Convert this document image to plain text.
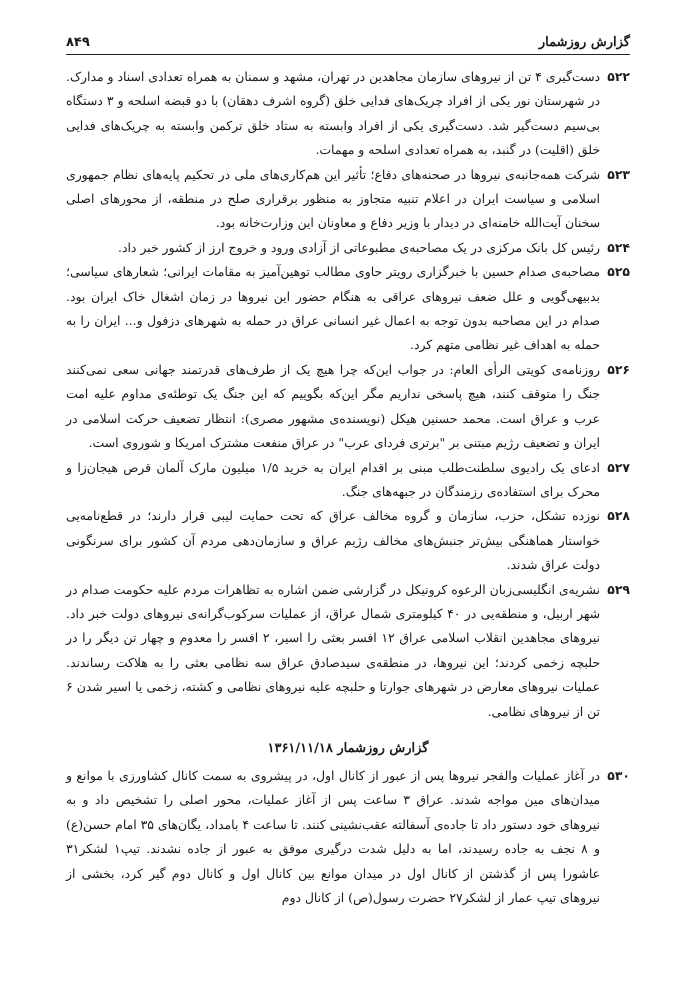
گزارش روزشمار
۸۴۹

۵۲۲
دست‌گیری ۴ تن از نیروهای سازمان مجاهدین در تهران، مشهد و سمنان به همراه تعدادی اسناد و مدارک. در شهرستان نور یکی از افراد چریک‌های فدایی خلق (گروه اشرف دهقان) با دو قبضه اسلحه و ۳ دستگاه بی‌سیم دست‌گیر شد. دست‌گیری یکی از افراد وابسته به ستاد خلق ترکمن وابسته به چریک‌های فدایی خلق (اقلیت) در گنبد، به همراه تعدادی اسلحه و مهمات.

۵۲۳
شرکت همه‌جانبه‌ی نیروها در صحنه‌های دفاع؛ تأثیر این هم‌کاری‌های ملی در تحکیم پایه‌های نظام جمهوری اسلامی و سیاست ایران در اعلام تنبیه متجاوز به منظور برقراری صلح در منطقه، از محورهای اصلی سخنان آیت‌الله خامنه‌ای در دیدار با وزیر دفاع و معاونان این وزارت‌خانه بود.

۵۲۴
رئیس کل بانک مرکزی در یک مصاحبه‌ی مطبوعاتی از آزادی ورود و خروج ارز از کشور خبر داد.

۵۲۵
مصاحبه‌ی صدام حسین با خبرگزاری رویتر حاوی مطالب توهین‌آمیز به مقامات ایرانی؛ شعارهای سیاسی؛ بدبیهی‌گویی و علل ضعف نیروهای عراقی به هنگام حضور این نیروها در زمان اشغال خاک ایران بود. صدام در این مصاحبه بدون توجه به اعمال غیر انسانی عراق در حمله به شهرهای دزفول و... ایران را به حمله به اهداف غیر نظامی متهم کرد.

۵۲۶
روزنامه‌ی کویتی الرأی العام: در جواب این‌که چرا هیچ یک از طرف‌های قدرتمند جهانی سعی نمی‌کنند جنگ را متوقف کنند، هیچ پاسخی نداریم مگر این‌که بگوییم که این جنگ یک توطئه‌ی مداوم علیه امت عرب و عراق است. محمد حسنین هیکل (نویسنده‌ی مشهور مصری): انتظار تضعیف حرکت اسلامی در ایران و تضعیف رژیم مبتنی بر "برتری فردای عرب" در عراق منفعت مشترک امریکا و شوروی است.

۵۲۷
ادعای یک رادیوی سلطنت‌طلب مبنی بر اقدام ایران به خرید ۱/۵ میلیون مارک آلمان قرص هیجان‌زا و محرک برای استفاده‌ی رزمندگان در جبهه‌های جنگ.

۵۲۸
نوزده تشکل، حزب، سازمان و گروه مخالف عراق که تحت حمایت لیبی قرار دارند؛ در قطع‌نامه‌یی خواستار هماهنگی بیش‌تر جنبش‌های مخالف رژیم عراق و سازمان‌دهی مردم آن کشور برای سرنگونی دولت عراق شدند.

۵۲۹
نشریه‌ی انگلیسی‌زبان الرعوه کرونیکل در گزارشی ضمن اشاره به تظاهرات مردم علیه حکومت صدام در شهر اربیل، و منطقه‌یی در ۴۰ کیلومتری شمال عراق، از عملیات سرکوب‌گرانه‌ی نیروهای دولت خبر داد. نیروهای مجاهدین انقلاب اسلامی عراق ۱۲ افسر بعثی را اسیر، ۲ افسر را معدوم و چهار تن دیگر را در حلبچه زخمی کردند؛ این نیروها، در منطقه‌ی سیدصادق عراق سه نظامی بعثی را به هلاکت رساندند. عملیات نیروهای معارض در شهرهای جوارتا و حلبچه علیه نیروهای نظامی و کشته، زخمی یا اسیر شدن ۶ تن از نیروهای نظامی.

گزارش روزشمار ۱۳۶۱/۱۱/۱۸

۵۳۰
در آغاز عملیات والفجر نیروها پس از عبور از کانال اول، در پیشروی به سمت کانال کشاورزی با موانع و میدان‌های مین مواجه شدند. عراق ۳ ساعت پس از آغاز عملیات، محور اصلی را تشخیص داد و به نیروهای خود دستور داد تا جاده‌ی آسفالته عقب‌نشینی کنند. تا ساعت ۴ بامداد، یگان‌های ۳۵ امام حسن(ع) و ۸ نجف به جاده رسیدند، اما به دلیل شدت درگیری موفق به عبور از جاده نشدند. تیپ۱ لشکر۳۱ عاشورا پس از گذشتن از کانال اول در میدان موانع بین کانال اول و کانال دوم گیر کرد، بخشی از نیروهای تیپ عمار از لشکر۲۷ حضرت رسول(ص) از کانال دوم
